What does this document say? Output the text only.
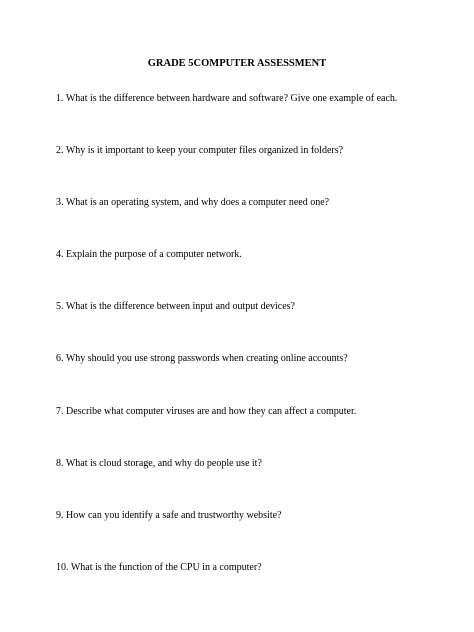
GRADE 5COMPUTER ASSESSMENT
1. What is the difference between hardware and software? Give one example of each.
2. Why is it important to keep your computer files organized in folders?
3. What is an operating system, and why does a computer need one?
4. Explain the purpose of a computer network.
5. What is the difference between input and output devices?
6. Why should you use strong passwords when creating online accounts?
7. Describe what computer viruses are and how they can affect a computer.
8. What is cloud storage, and why do people use it?
9. How can you identify a safe and trustworthy website?
10. What is the function of the CPU in a computer?
